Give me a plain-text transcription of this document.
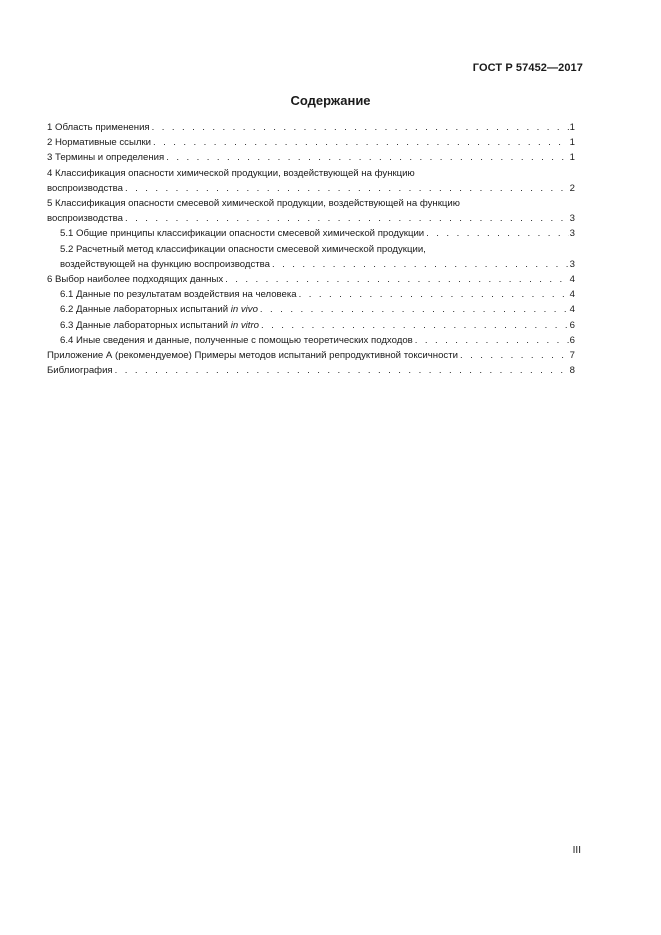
ГОСТ Р 57452—2017
Содержание
1 Область применения . . .	1
2 Нормативные ссылки . . .	1
3 Термины и определения . . .	1
4 Классификация опасности химической продукции, воздействующей на функцию
воспроизводства . . .	2
5 Классификация опасности смесевой химической продукции, воздействующей на функцию
воспроизводства . . .	3
5.1 Общие принципы классификации опасности смесевой химической продукции . . .	3
5.2 Расчетный метод классификации опасности смесевой химической продукции,
воздействующей на функцию воспроизводства . . .	3
6 Выбор наиболее подходящих данных . . .	4
6.1 Данные по результатам воздействия на человека . . .	4
6.2 Данные лабораторных испытаний in vivo . . .	4
6.3 Данные лабораторных испытаний in vitro . . .	6
6.4 Иные сведения и данные, полученные с помощью теоретических подходов . . .	6
Приложение А (рекомендуемое) Примеры методов испытаний репродуктивной токсичности . . .	7
Библиография . . .	8
III
